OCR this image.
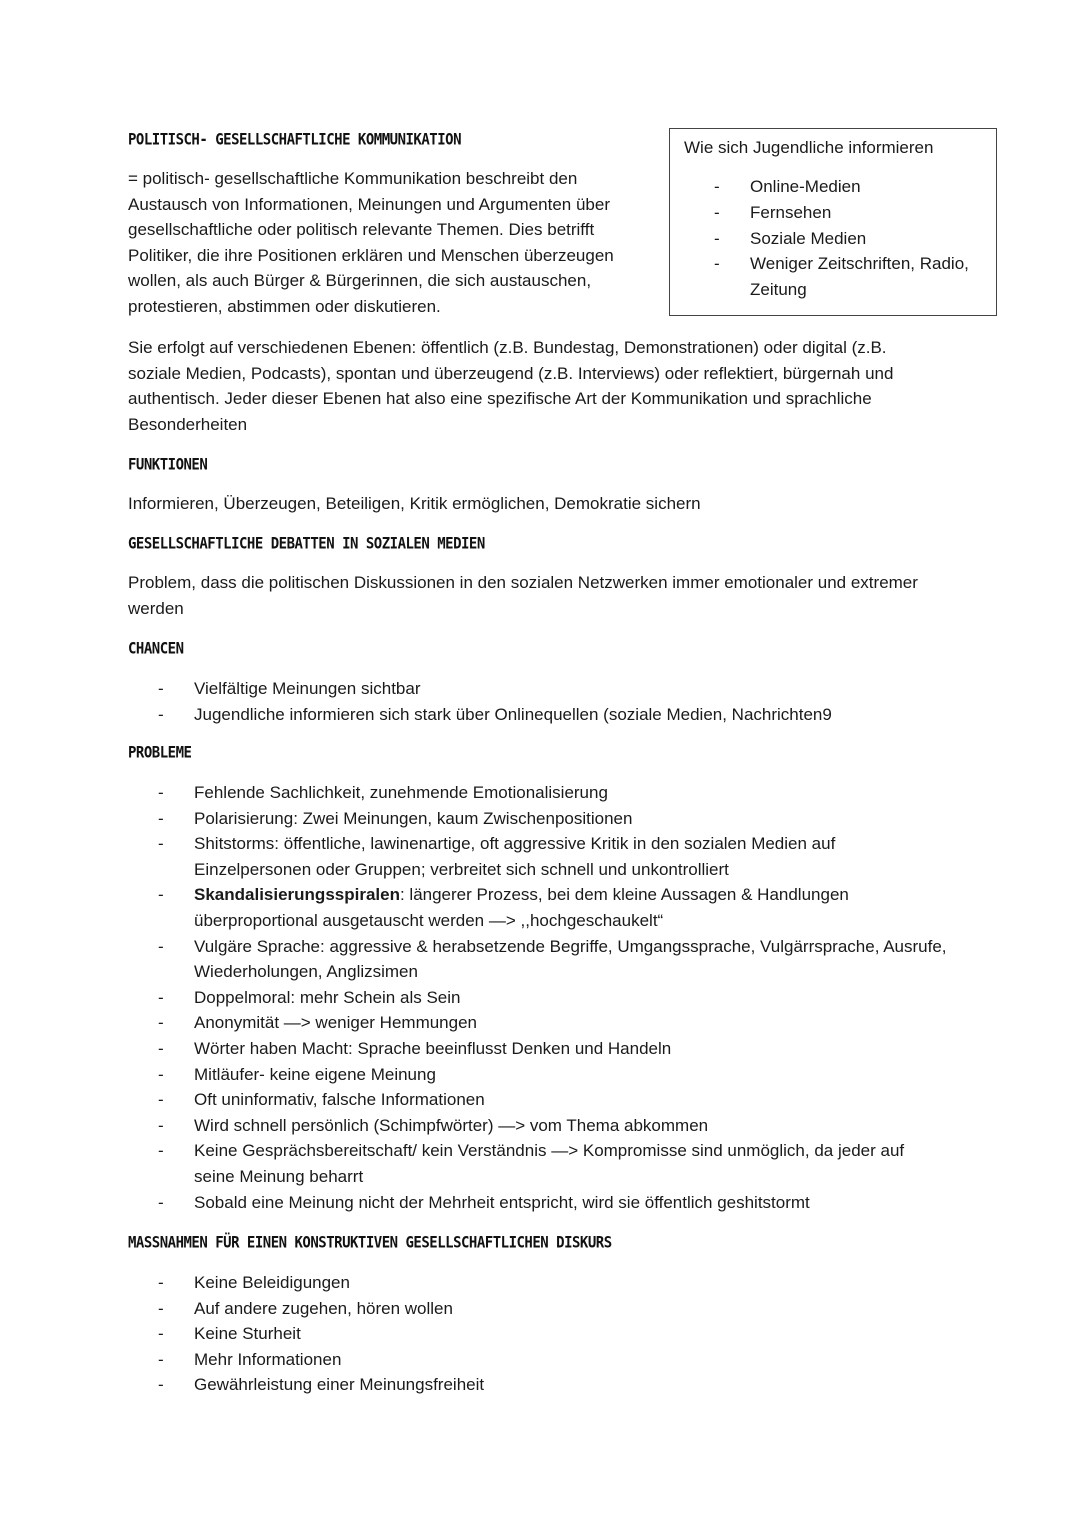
POLITISCH- GESELLSCHAFTLICHE KOMMUNIKATION
= politisch- gesellschaftliche Kommunikation beschreibt den Austausch von Informationen, Meinungen und Argumenten über gesellschaftliche oder politisch relevante Themen. Dies betrifft Politiker, die ihre Positionen erklären und Menschen überzeugen wollen, als auch Bürger & Bürgerinnen, die sich austauschen, protestieren, abstimmen oder diskutieren.
Wie sich Jugendliche informieren
- Online-Medien
- Fernsehen
- Soziale Medien
- Weniger Zeitschriften, Radio, Zeitung
Sie erfolgt auf verschiedenen Ebenen: öffentlich (z.B. Bundestag, Demonstrationen) oder digital (z.B. soziale Medien, Podcasts), spontan und überzeugend (z.B. Interviews) oder reflektiert, bürgernah und authentisch. Jeder dieser Ebenen hat also eine spezifische Art der Kommunikation und sprachliche Besonderheiten
FUNKTIONEN
Informieren, Überzeugen, Beteiligen, Kritik ermöglichen, Demokratie sichern
GESELLSCHAFTLICHE DEBATTEN IN SOZIALEN MEDIEN
Problem, dass die politischen Diskussionen in den sozialen Netzwerken immer emotionaler und extremer werden
CHANCEN
- Vielfältige Meinungen sichtbar
- Jugendliche informieren sich stark über Onlinequellen (soziale Medien, Nachrichten9
PROBLEME
- Fehlende Sachlichkeit, zunehmende Emotionalisierung
- Polarisierung: Zwei Meinungen, kaum Zwischenpositionen
- Shitstorms: öffentliche, lawinenartige, oft aggressive Kritik in den sozialen Medien auf Einzelpersonen oder Gruppen; verbreitet sich schnell und unkontrolliert
- Skandalisierungsspiralen: längerer Prozess, bei dem kleine Aussagen & Handlungen überproportional ausgetauscht werden —> ,,hochgeschaukelt“
- Vulgäre Sprache: aggressive & herabsetzende Begriffe, Umgangssprache, Vulgärrsprache, Ausrufe, Wiederholungen, Anglizsimen
- Doppelmoral: mehr Schein als Sein
- Anonymität —> weniger Hemmungen
- Wörter haben Macht: Sprache beeinflusst Denken und Handeln
- Mitläufer- keine eigene Meinung
- Oft uninformativ, falsche Informationen
- Wird schnell persönlich (Schimpfwörter) —> vom Thema abkommen
- Keine Gesprächsbereitschaft/ kein Verständnis —> Kompromisse sind unmöglich, da jeder auf seine Meinung beharrt
- Sobald eine Meinung nicht der Mehrheit entspricht, wird sie öffentlich geshitstormt
MASSNAHMEN FÜR EINEN KONSTRUKTIVEN GESELLSCHAFTLICHEN DISKURS
- Keine Beleidigungen
- Auf andere zugehen, hören wollen
- Keine Sturheit
- Mehr Informationen
- Gewährleistung einer Meinungsfreiheit
